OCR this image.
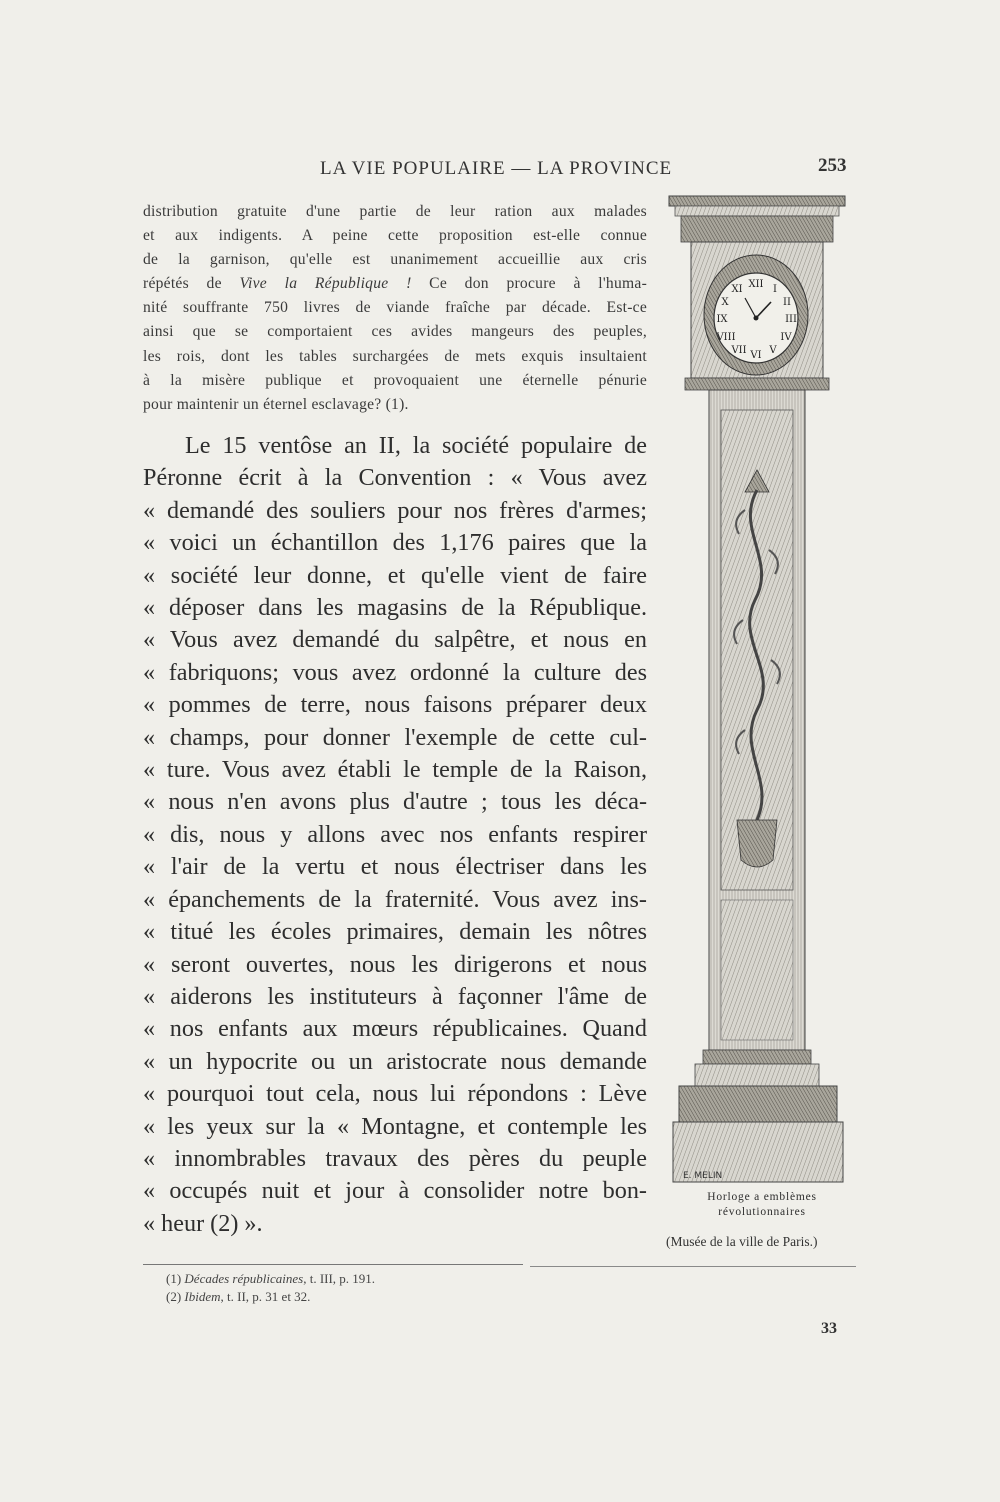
LA VIE POPULAIRE — LA PROVINCE	253

distribution gratuite d'une partie de leur ration aux malades
et aux indigents. A peine cette proposition est-elle connue
de la garnison, qu'elle est unanimement accueillie aux cris
répétés de Vive la République ! Ce don procure à l'huma-
nité souffrante 750 livres de viande fraîche par décade. Est-ce
ainsi que se comportaient ces avides mangeurs des peuples,
les rois, dont les tables surchargées de mets exquis insultaient
à la misère publique et provoquaient une éternelle pénurie
pour maintenir un éternel esclavage? (1).

Le 15 ventôse an II, la société populaire de
Péronne écrit à la Convention : « Vous avez
« demandé des souliers pour nos frères d'armes;
« voici un échantillon des 1,176 paires que la
« société leur donne, et qu'elle vient de faire
« déposer dans les magasins de la République.
« Vous avez demandé du salpêtre, et nous en
« fabriquons; vous avez ordonné la culture des
« pommes de terre, nous faisons préparer deux
« champs, pour donner l'exemple de cette cul-
« ture. Vous avez établi le temple de la Raison,
« nous n'en avons plus d'autre ; tous les déca-
« dis, nous y allons avec nos enfants respirer
« l'air de la vertu et nous électriser dans les
« épanchements de la fraternité. Vous avez ins-
« titué les écoles primaires, demain les nôtres
« seront ouvertes, nous les dirigerons et nous
« aiderons les instituteurs à façonner l'âme de
« nos enfants aux mœurs républicaines. Quand
« un hypocrite ou un aristocrate nous demande
« pourquoi tout cela, nous lui répondons : Lève
« les yeux sur la « Montagne, et contemple les
« innombrables travaux des pères du peuple
« occupés nuit et jour à consolider notre bon-
« heur (2) ».

XII I
II
III
IV
V
VI
VII
VIII
IX
X
XI
E. MELIN
Horloge a emblèmes
révolutionnaires
(Musée de la ville de Paris.)
(1) Décades républicaines, t. III, p. 191.
(2) Ibidem, t. II, p. 31 et 32.
33
